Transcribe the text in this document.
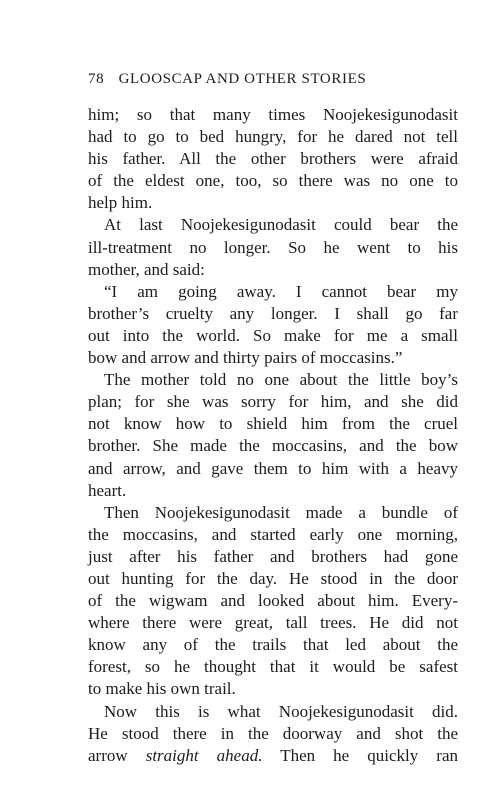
78 GLOOSCAP AND OTHER STORIES
him; so that many times Noojekesigunodasit
had to go to bed hungry, for he dared not tell
his father. All the other brothers were afraid
of the eldest one, too, so there was no one to
help him.
At last Noojekesigunodasit could bear the
ill-treatment no longer. So he went to his
mother, and said:
“I am going away. I cannot bear my
brother’s cruelty any longer. I shall go far
out into the world. So make for me a small
bow and arrow and thirty pairs of moccasins.”
The mother told no one about the little boy’s
plan; for she was sorry for him, and she did
not know how to shield him from the cruel
brother. She made the moccasins, and the bow
and arrow, and gave them to him with a heavy
heart.
Then Noojekesigunodasit made a bundle of
the moccasins, and started early one morning,
just after his father and brothers had gone
out hunting for the day. He stood in the door
of the wigwam and looked about him. Every-
where there were great, tall trees. He did not
know any of the trails that led about the
forest, so he thought that it would be safest
to make his own trail.
Now this is what Noojekesigunodasit did.
He stood there in the doorway and shot the
arrow straight ahead. Then he quickly ran
